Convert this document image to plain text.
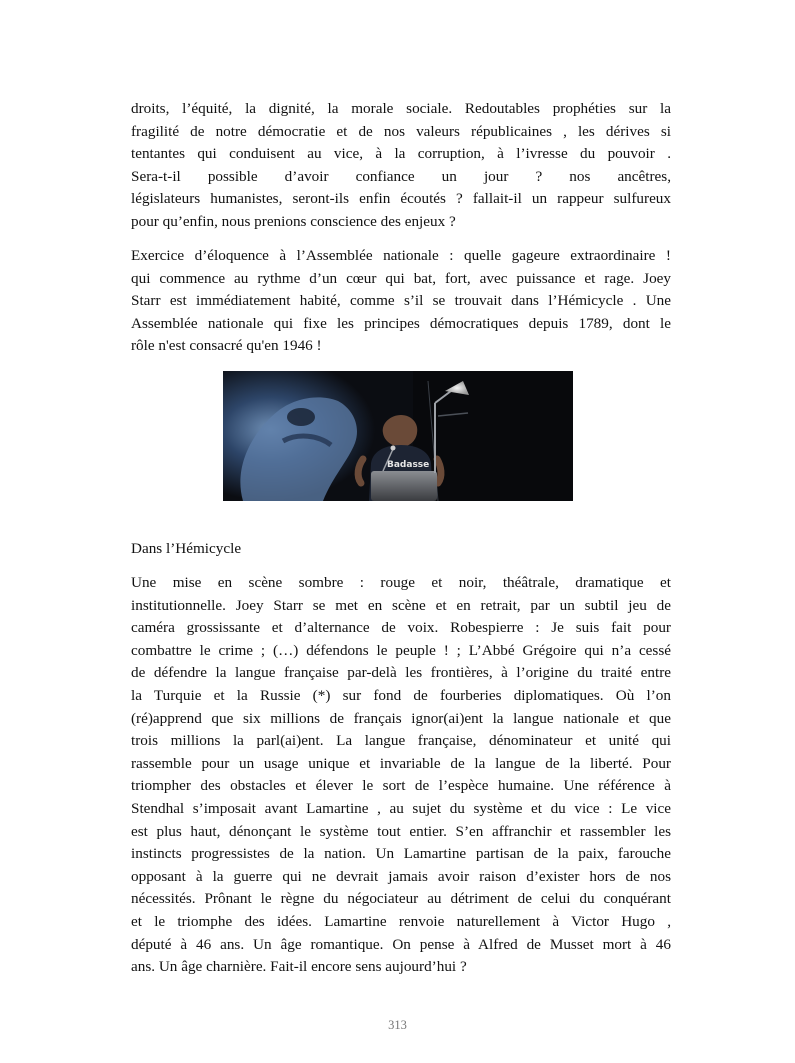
droits, l’équité, la dignité, la morale sociale. Redoutables prophéties sur la
fragilité de notre démocratie et de nos valeurs républicaines , les dérives si
tentantes qui conduisent au vice, à la corruption, à l’ivresse du pouvoir .
Sera-t-il possible d’avoir confiance un jour ? nos ancêtres,
législateurs humanistes, seront-ils enfin écoutés ? fallait-il un rappeur sulfureux
pour qu’enfin, nous prenions conscience des enjeux ?
Exercice d’éloquence à l’Assemblée nationale : quelle gageure extraordinaire !
qui commence au rythme d’un cœur qui bat, fort, avec puissance et rage. Joey
Starr est immédiatement habité, comme s’il se trouvait dans l’Hémicycle . Une
Assemblée nationale qui fixe les principes démocratiques depuis 1789, dont le
rôle n'est consacré qu'en 1946 !
Badasse
Dans l’Hémicycle
Une mise en scène sombre : rouge et noir, théâtrale, dramatique et
institutionnelle. Joey Starr se met en scène et en retrait, par un subtil jeu de
caméra grossissante et d’alternance de voix. Robespierre : Je suis fait pour
combattre le crime ; (…) défendons le peuple ! ; L’Abbé Grégoire qui n’a cessé
de défendre la langue française par-delà les frontières, à l’origine du traité entre
la Turquie et la Russie (*) sur fond de fourberies diplomatiques. Où l’on
(ré)apprend que six millions de français ignor(ai)ent la langue nationale et que
trois millions la parl(ai)ent. La langue française, dénominateur et unité qui
rassemble pour un usage unique et invariable de la langue de la liberté. Pour
triompher des obstacles et élever le sort de l’espèce humaine. Une référence à
Stendhal s’imposait avant Lamartine , au sujet du système et du vice : Le vice
est plus haut, dénonçant le système tout entier. S’en affranchir et rassembler les
instincts progressistes de la nation. Un Lamartine partisan de la paix, farouche
opposant à la guerre qui ne devrait jamais avoir raison d’exister hors de nos
nécessités. Prônant le règne du négociateur au détriment de celui du conquérant
et le triomphe des idées. Lamartine renvoie naturellement à Victor Hugo ,
député à 46 ans. Un âge romantique. On pense à Alfred de Musset mort à 46
ans. Un âge charnière. Fait-il encore sens aujourd’hui ?
313
